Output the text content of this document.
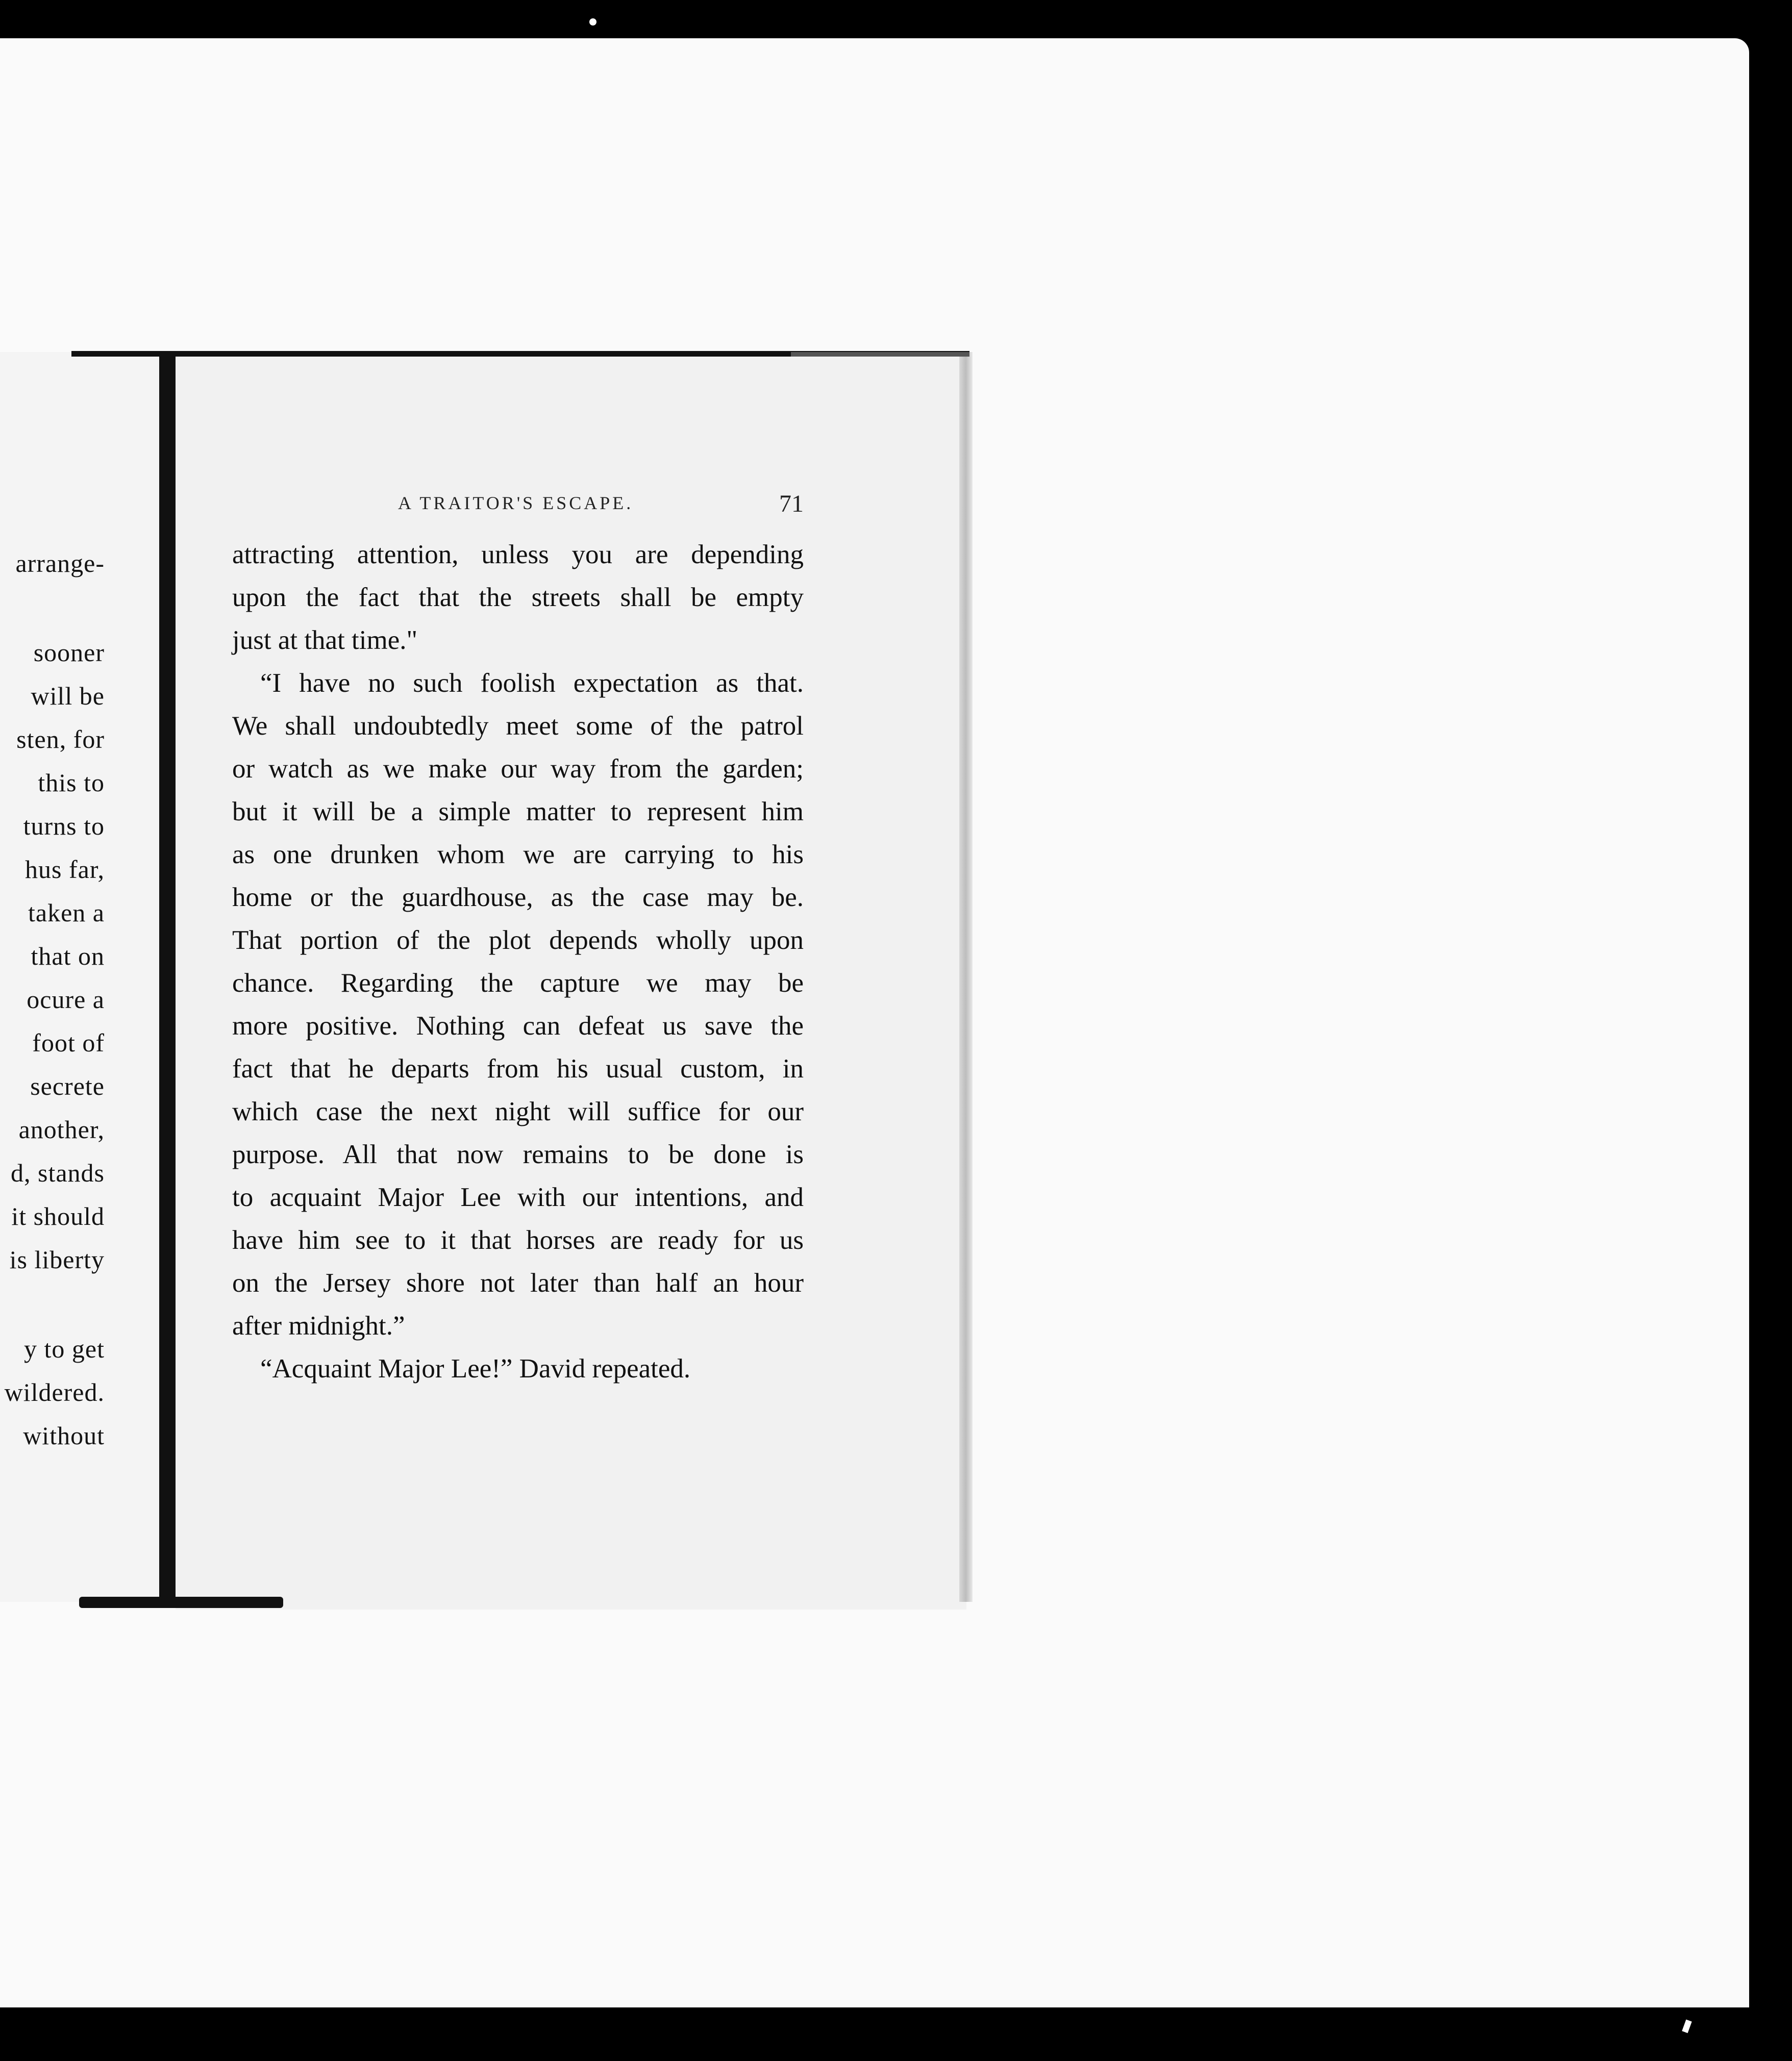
arrange-
sooner
will be
sten, for
this to
turns to
hus far,
taken a
that on
ocure a
foot of
secrete
another,
d, stands
it should
is liberty
y to get
wildered.
without
A TRAITOR'S ESCAPE.	71
attracting attention, unless you are depending
upon the fact that the streets shall be empty
just at that time."
“I have no such foolish expectation as that.
We shall undoubtedly meet some of the patrol
or watch as we make our way from the garden;
but it will be a simple matter to represent him
as one drunken whom we are carrying to his
home or the guardhouse, as the case may be.
That portion of the plot depends wholly upon
chance. Regarding the capture we may be
more positive. Nothing can defeat us save the
fact that he departs from his usual custom, in
which case the next night will suffice for our
purpose. All that now remains to be done is
to acquaint Major Lee with our intentions, and
have him see to it that horses are ready for us
on the Jersey shore not later than half an hour
after midnight.”
“Acquaint Major Lee!” David repeated.
